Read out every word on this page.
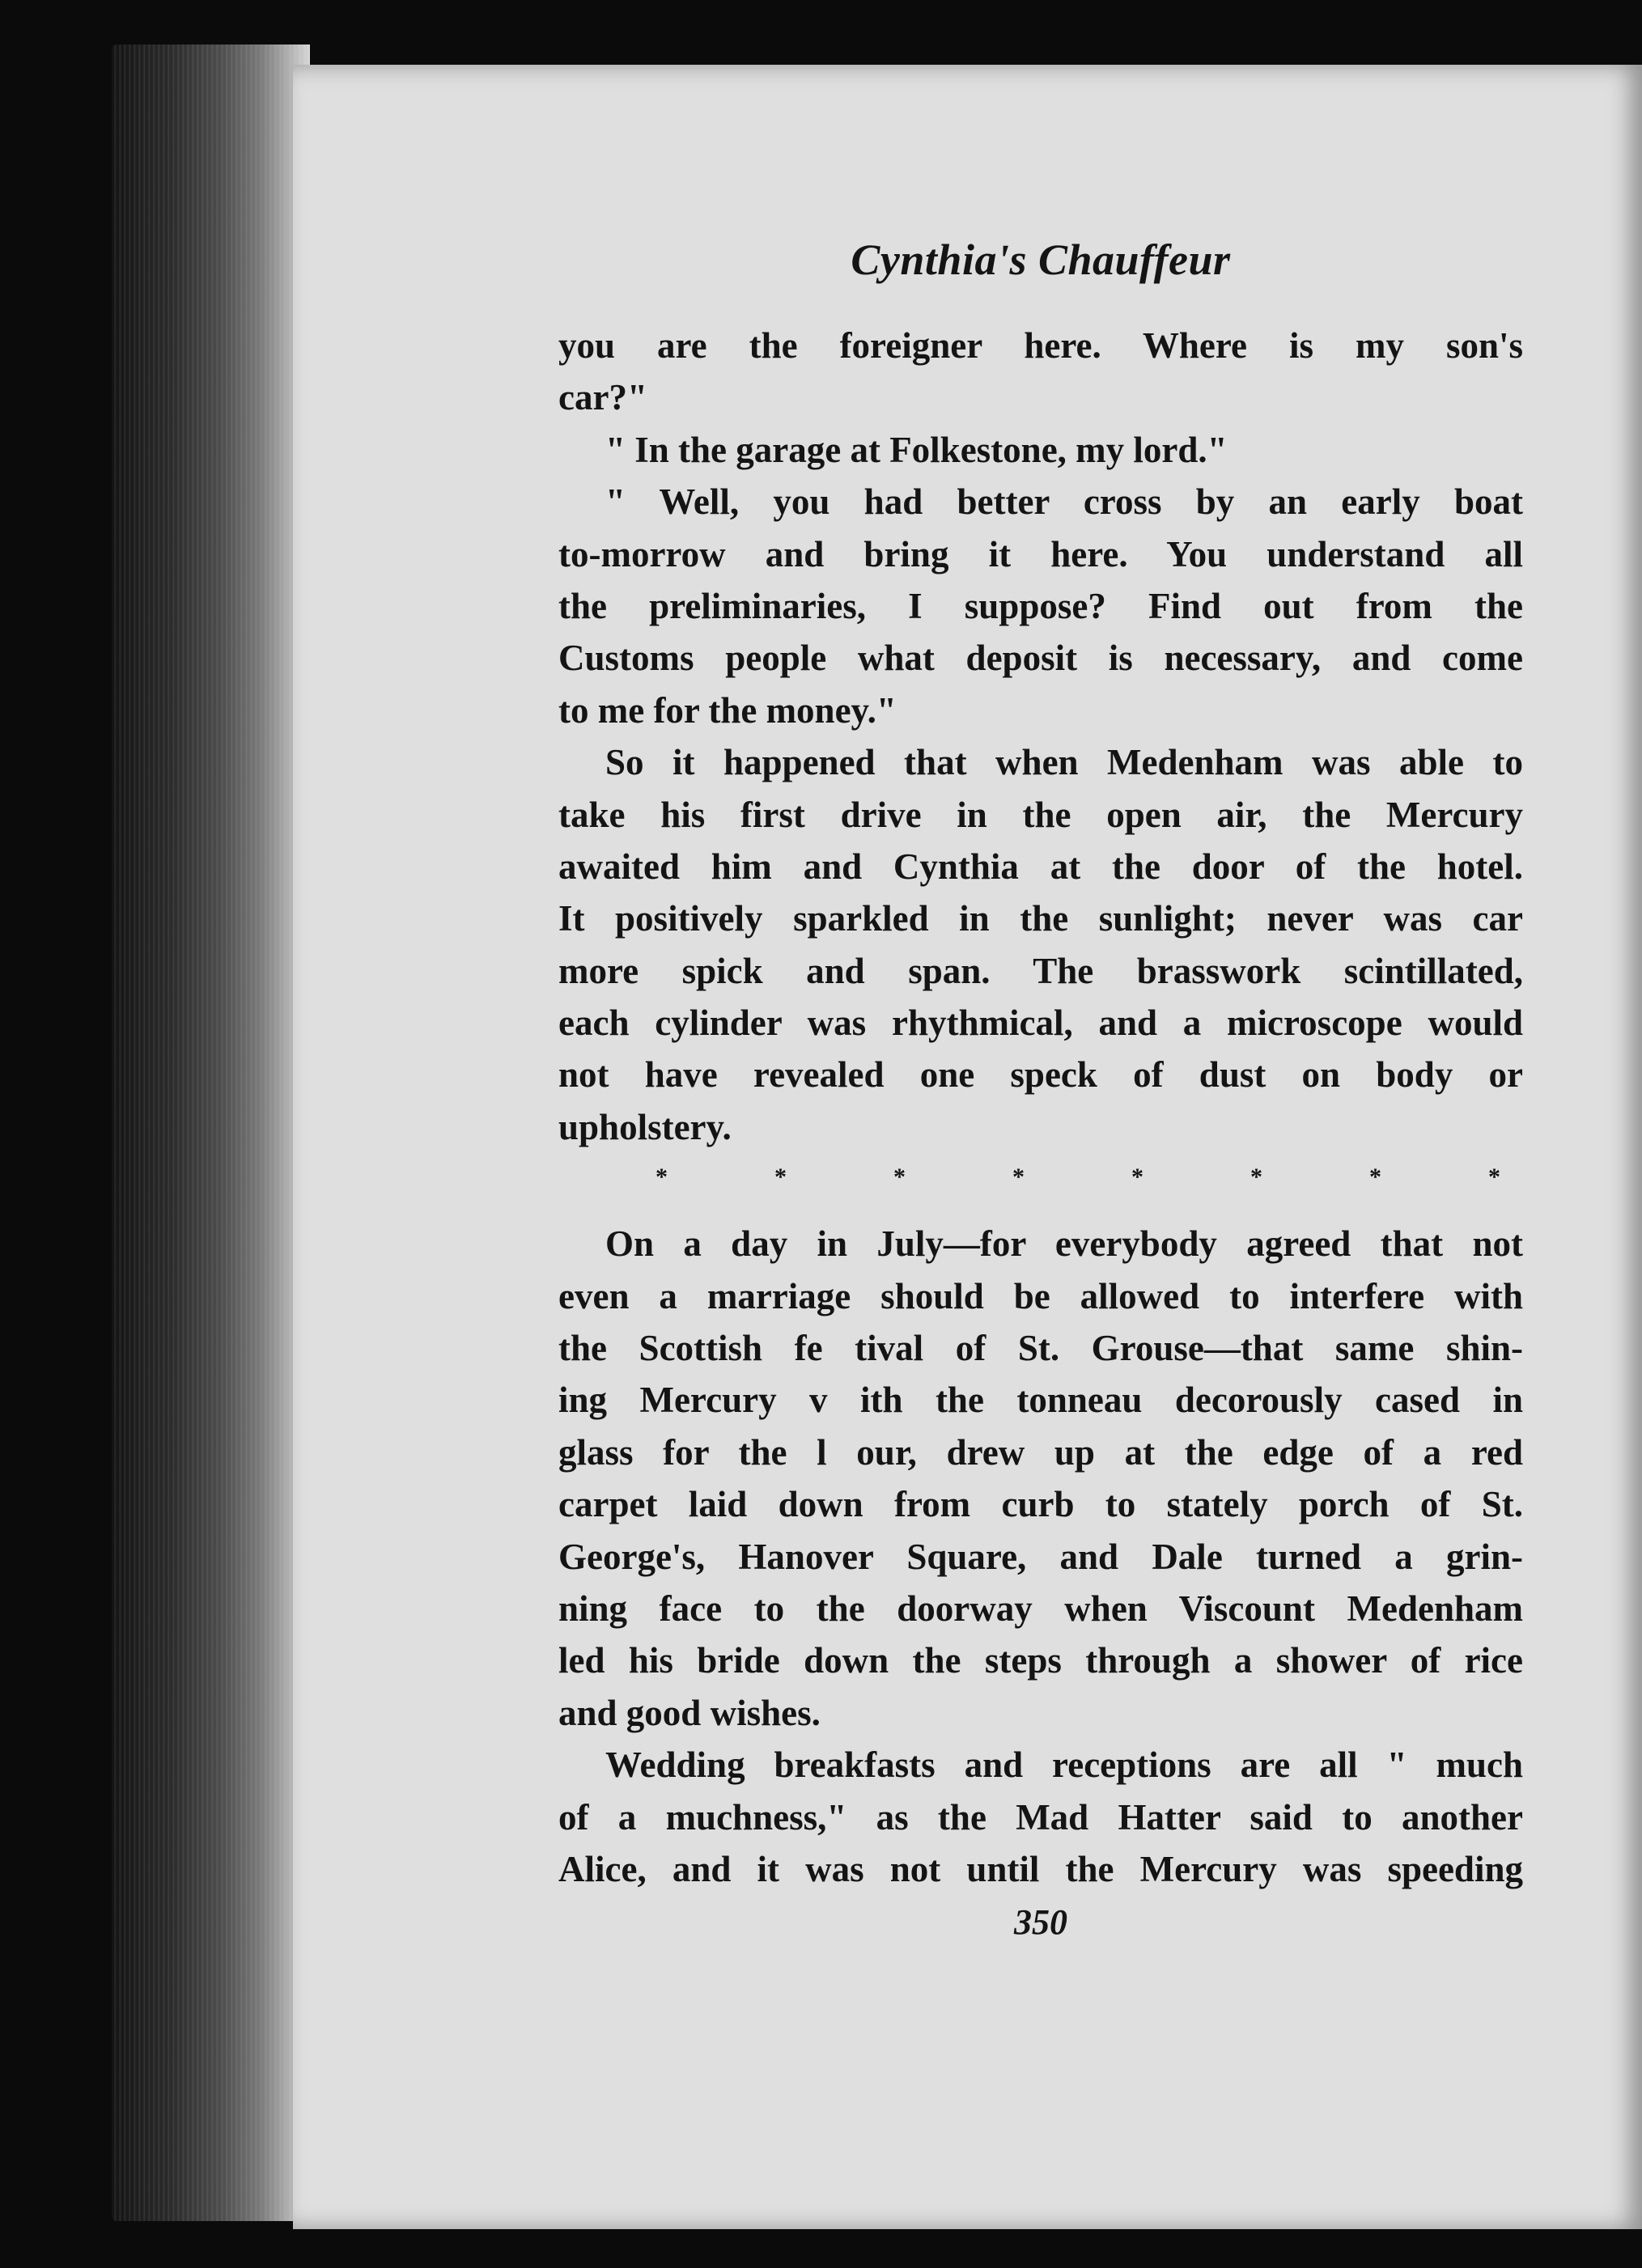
Cynthia's Chauffeur
you are the foreigner here. Where is my son's
car?"
" In the garage at Folkestone, my lord."
" Well, you had better cross by an early boat
to-morrow and bring it here. You understand all
the preliminaries, I suppose? Find out from the
Customs people what deposit is necessary, and come
to me for the money."
So it happened that when Medenham was able to
take his first drive in the open air, the Mercury
awaited him and Cynthia at the door of the hotel.
It positively sparkled in the sunlight; never was car
more spick and span. The brasswork scintillated,
each cylinder was rhythmical, and a microscope would
not have revealed one speck of dust on body or
upholstery.
*	*	*	*	*	*	*	*
On a day in July—for everybody agreed that not
even a marriage should be allowed to interfere with
the Scottish fe tival of St. Grouse—that same shin-
ing Mercury v ith the tonneau decorously cased in
glass for the l our, drew up at the edge of a red
carpet laid down from curb to stately porch of St.
George's, Hanover Square, and Dale turned a grin-
ning face to the doorway when Viscount Medenham
led his bride down the steps through a shower of rice
and good wishes.
Wedding breakfasts and receptions are all " much
of a muchness," as the Mad Hatter said to another
Alice, and it was not until the Mercury was speeding
350
